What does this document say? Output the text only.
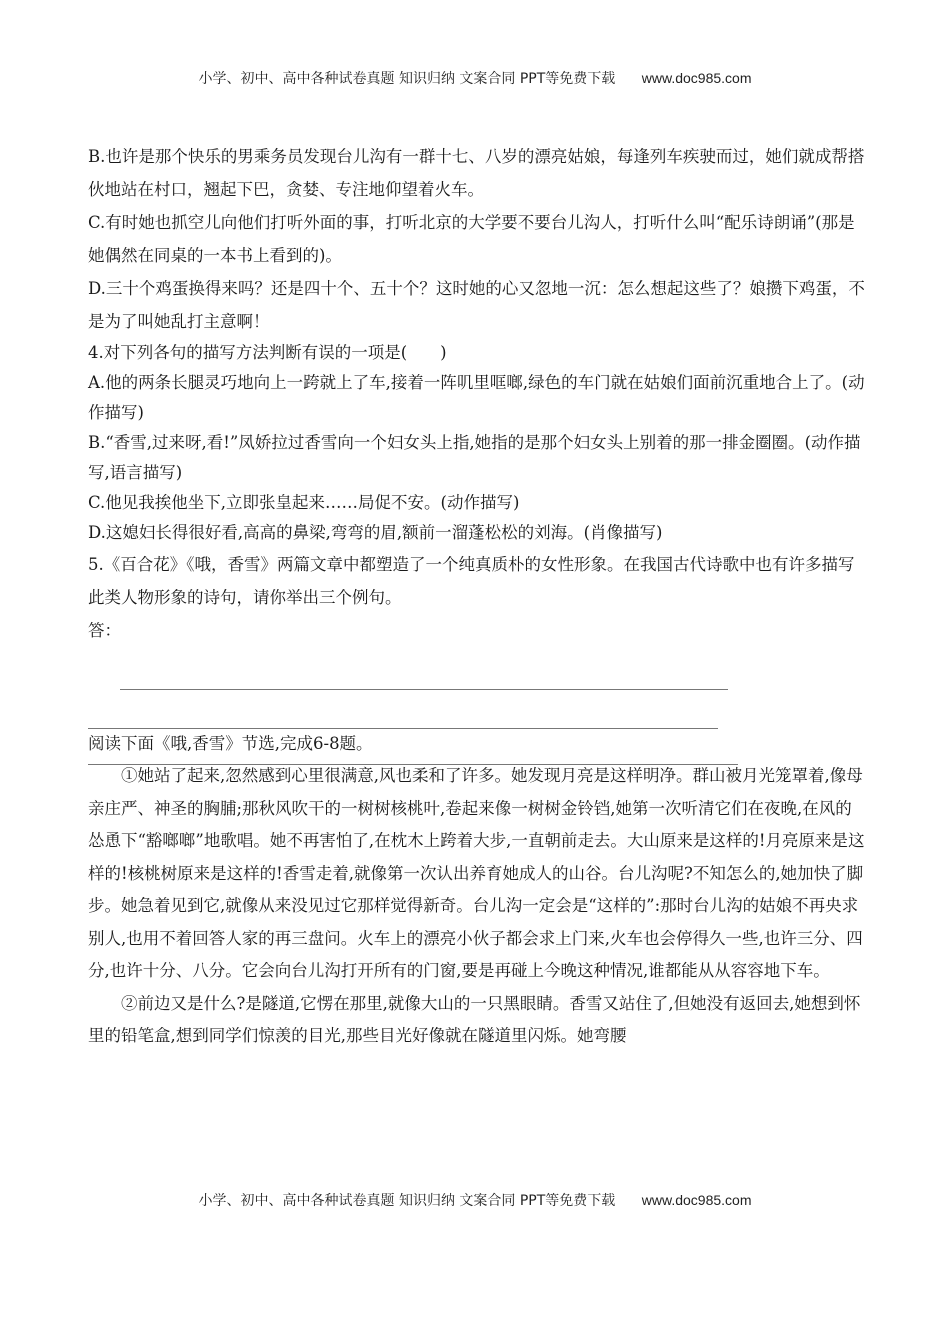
小学、初中、高中各种试卷真题 知识归纳 文案合同 PPT等免费下载 www.doc985.com

B.也许是那个快乐的男乘务员发现台儿沟有一群十七、八岁的漂亮姑娘，每逢列车疾驶而过，她们就成帮搭伙地站在村口，翘起下巴，贪婪、专注地仰望着火车。

C.有时她也抓空儿向他们打听外面的事，打听北京的大学要不要台儿沟人，打听什么叫“配乐诗朗诵”(那是她偶然在同桌的一本书上看到的)。

D.三十个鸡蛋换得来吗？还是四十个、五十个？这时她的心又忽地一沉：怎么想起这些了？娘攒下鸡蛋，不是为了叫她乱打主意啊！

4.对下列各句的描写方法判断有误的一项是(　　)

A.他的两条长腿灵巧地向上一跨就上了车,接着一阵叽里哐啷,绿色的车门就在姑娘们面前沉重地合上了。(动作描写)

B.“香雪,过来呀,看!”凤娇拉过香雪向一个妇女头上指,她指的是那个妇女头上别着的那一排金圈圈。(动作描写,语言描写)

C.他见我挨他坐下,立即张皇起来……局促不安。(动作描写)

D.这媳妇长得很好看,高高的鼻梁,弯弯的眉,额前一溜蓬松松的刘海。(肖像描写)

5.《百合花》《哦，香雪》两篇文章中都塑造了一个纯真质朴的女性形象。在我国古代诗歌中也有许多描写此类人物形象的诗句，请你举出三个例句。

答：

阅读下面《哦,香雪》节选,完成6-8题。

①她站了起来,忽然感到心里很满意,风也柔和了许多。她发现月亮是这样明净。群山被月光笼罩着,像母亲庄严、神圣的胸脯;那秋风吹干的一树树核桃叶,卷起来像一树树金铃铛,她第一次听清它们在夜晚,在风的怂恿下“豁啷啷”地歌唱。她不再害怕了,在枕木上跨着大步,一直朝前走去。大山原来是这样的!月亮原来是这样的!核桃树原来是这样的!香雪走着,就像第一次认出养育她成人的山谷。台儿沟呢?不知怎么的,她加快了脚步。她急着见到它,就像从来没见过它那样觉得新奇。台儿沟一定会是“这样的”:那时台儿沟的姑娘不再央求别人,也用不着回答人家的再三盘问。火车上的漂亮小伙子都会求上门来,火车也会停得久一些,也许三分、四分,也许十分、八分。它会向台儿沟打开所有的门窗,要是再碰上今晚这种情况,谁都能从从容容地下车。

②前边又是什么?是隧道,它愣在那里,就像大山的一只黑眼睛。香雪又站住了,但她没有返回去,她想到怀里的铅笔盒,想到同学们惊羡的目光,那些目光好像就在隧道里闪烁。她弯腰

小学、初中、高中各种试卷真题 知识归纳 文案合同 PPT等免费下载 www.doc985.com
